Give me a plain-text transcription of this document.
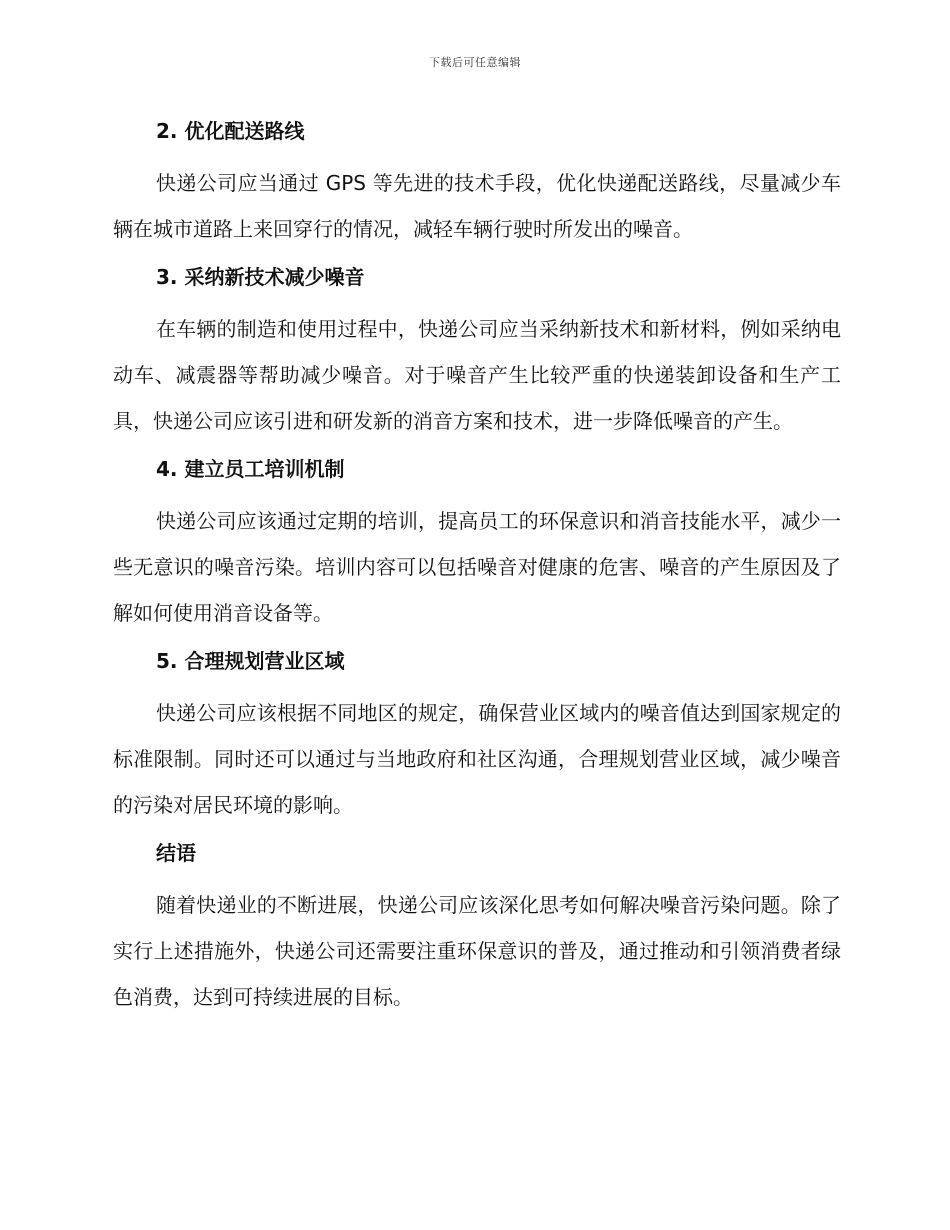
下载后可任意编辑
2. 优化配送路线

快递公司应当通过 GPS 等先进的技术手段，优化快递配送路线，尽量减少车辆在城市道路上来回穿行的情况，减轻车辆行驶时所发出的噪音。

3. 采纳新技术减少噪音

在车辆的制造和使用过程中，快递公司应当采纳新技术和新材料，例如采纳电动车、减震器等帮助减少噪音。对于噪音产生比较严重的快递装卸设备和生产工具，快递公司应该引进和研发新的消音方案和技术，进一步降低噪音的产生。

4. 建立员工培训机制

快递公司应该通过定期的培训，提高员工的环保意识和消音技能水平，减少一些无意识的噪音污染。培训内容可以包括噪音对健康的危害、噪音的产生原因及了解如何使用消音设备等。

5. 合理规划营业区域

快递公司应该根据不同地区的规定，确保营业区域内的噪音值达到国家规定的标准限制。同时还可以通过与当地政府和社区沟通，合理规划营业区域，减少噪音的污染对居民环境的影响。

结语

随着快递业的不断进展，快递公司应该深化思考如何解决噪音污染问题。除了实行上述措施外，快递公司还需要注重环保意识的普及，通过推动和引领消费者绿色消费，达到可持续进展的目标。
